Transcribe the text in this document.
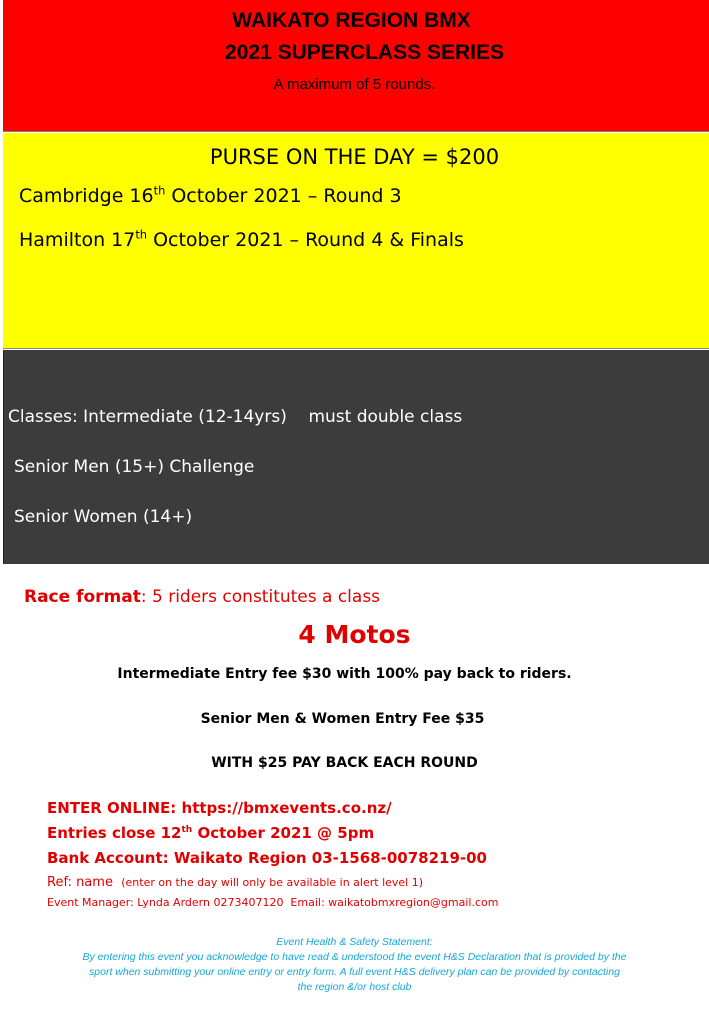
WAIKATO REGION BMX
2021 SUPERCLASS SERIES
A maximum of 5 rounds.
PURSE ON THE DAY = $200
Cambridge 16th October 2021 – Round 3
Hamilton 17th October 2021 – Round 4 & Finals
Classes: Intermediate (12-14yrs)    must double class
Senior Men (15+) Challenge
Senior Women (14+)
Race format: 5 riders constitutes a class
4 Motos
Intermediate Entry fee $30 with 100% pay back to riders.
Senior Men & Women Entry Fee $35
WITH $25 PAY BACK EACH ROUND
ENTER ONLINE: https://bmxevents.co.nz/
Entries close 12th October 2021 @ 5pm
Bank Account: Waikato Region 03-1568-0078219-00
Ref: name  (enter on the day will only be available in alert level 1)
Event Manager: Lynda Ardern 0273407120  Email: waikatobmxregion@gmail.com
Event Health & Safety Statement:
By entering this event you acknowledge to have read & understood the event H&S Declaration that is provided by the
sport when submitting your online entry or entry form. A full event H&S delivery plan can be provided by contacting
the region &/or host club
